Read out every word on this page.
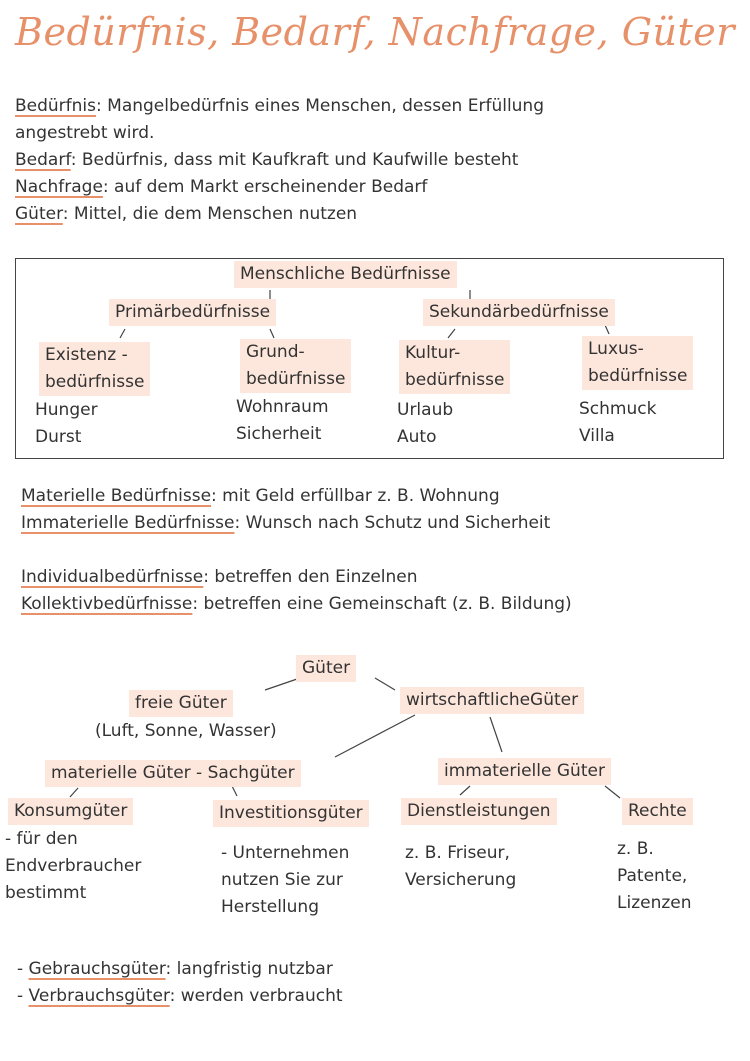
Bedürfnis, Bedarf, Nachfrage, Güter
Bedürfnis: Mangelbedürfnis eines Menschen, dessen Erfüllung
angestrebt wird.
Bedarf: Bedürfnis, dass mit Kaufkraft und Kaufwille besteht
Nachfrage: auf dem Markt erscheinender Bedarf
Güter: Mittel, die dem Menschen nutzen
Menschliche Bedürfnisse
Primärbedürfnisse	Sekundärbedürfnisse
Existenz -
bedürfnisse
Hunger
Durst
Grund-
bedürfnisse
Wohnraum
Sicherheit
Kultur-
bedürfnisse
Urlaub
Auto
Luxus-
bedürfnisse
Schmuck
Villa
Materielle Bedürfnisse: mit Geld erfüllbar z. B. Wohnung
Immaterielle Bedürfnisse: Wunsch nach Schutz und Sicherheit
Individualbedürfnisse: betreffen den Einzelnen
Kollektivbedürfnisse: betreffen eine Gemeinschaft (z. B. Bildung)
Güter
freie Güter
(Luft, Sonne, Wasser)
wirtschaftlicheGüter
materielle Güter - Sachgüter	immaterielle Güter
Konsumgüter
- für den
Endverbraucher
bestimmt
Investitionsgüter
- Unternehmen
nutzen Sie zur
Herstellung
Dienstleistungen
z. B. Friseur,
Versicherung
Rechte
z. B.
Patente,
Lizenzen
- Gebrauchsgüter: langfristig nutzbar
- Verbrauchsgüter: werden verbraucht
